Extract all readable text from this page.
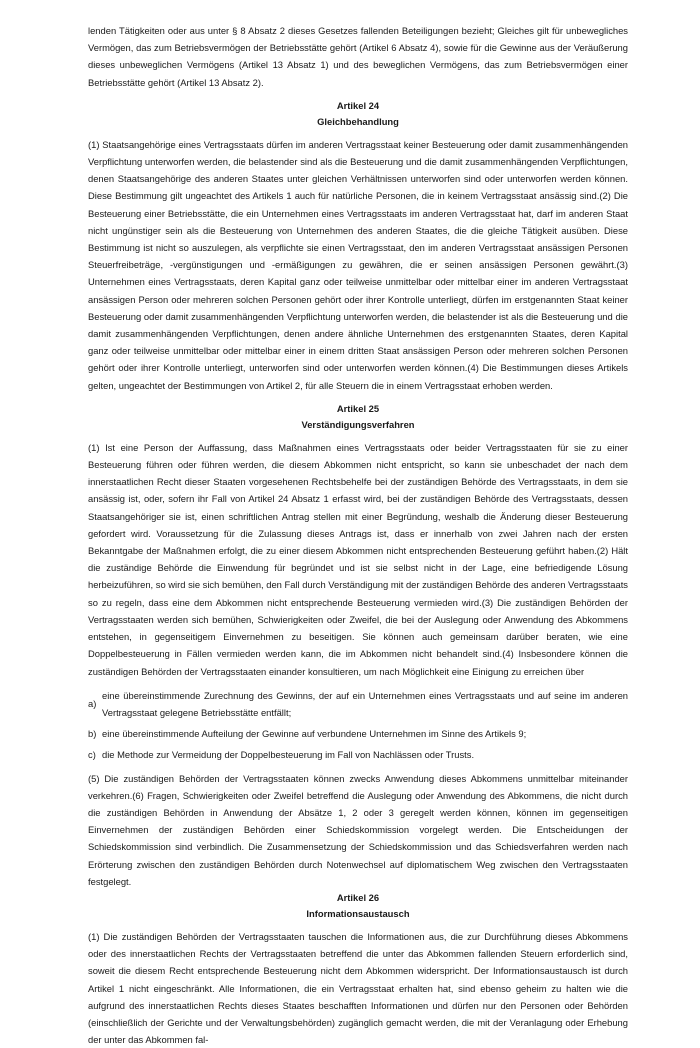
lenden Tätigkeiten oder aus unter § 8 Absatz 2 dieses Gesetzes fallenden Beteiligungen bezieht; Gleiches gilt für unbewegliches Vermögen, das zum Betriebsvermögen der Betriebsstätte gehört (Artikel 6 Absatz 4), sowie für die Gewinne aus der Veräußerung dieses unbeweglichen Vermögens (Artikel 13 Absatz 1) und des beweglichen Vermögens, das zum Betriebsvermögen einer Betriebsstätte gehört (Artikel 13 Absatz 2).

Artikel 24
Gleichbehandlung

(1) Staatsangehörige eines Vertragsstaats dürfen im anderen Vertragsstaat keiner Besteuerung oder damit zusammenhängenden Verpflichtung unterworfen werden, die belastender sind als die Besteuerung und die damit zusammenhängenden Verpflichtungen, denen Staatsangehörige des anderen Staates unter gleichen Verhältnissen unterworfen sind oder unterworfen werden können. Diese Bestimmung gilt ungeachtet des Artikels 1 auch für natürliche Personen, die in keinem Vertragsstaat ansässig sind.(2) Die Besteuerung einer Betriebsstätte, die ein Unternehmen eines Vertragsstaats im anderen Vertragsstaat hat, darf im anderen Staat nicht ungünstiger sein als die Besteuerung von Unternehmen des anderen Staates, die die gleiche Tätigkeit ausüben. Diese Bestimmung ist nicht so auszulegen, als verpflichte sie einen Vertragsstaat, den im anderen Vertragsstaat ansässigen Personen Steuerfreibeträge, -vergünstigungen und -ermäßigungen zu gewähren, die er seinen ansässigen Personen gewährt.(3) Unternehmen eines Vertragsstaats, deren Kapital ganz oder teilweise unmittelbar oder mittelbar einer im anderen Vertragsstaat ansässigen Person oder mehreren solchen Personen gehört oder ihrer Kontrolle unterliegt, dürfen im erstgenannten Staat keiner Besteuerung oder damit zusammenhängenden Verpflichtung unterworfen werden, die belastender ist als die Besteuerung und die damit zusammenhängenden Verpflichtungen, denen andere ähnliche Unternehmen des erstgenannten Staates, deren Kapital ganz oder teilweise unmittelbar oder mittelbar einer in einem dritten Staat ansässigen Person oder mehreren solchen Personen gehört oder ihrer Kontrolle unterliegt, unterworfen sind oder unterworfen werden können.(4) Die Bestimmungen dieses Artikels gelten, ungeachtet der Bestimmungen von Artikel 2, für alle Steuern die in einem Vertragsstaat erhoben werden.

Artikel 25
Verständigungsverfahren

(1) Ist eine Person der Auffassung, dass Maßnahmen eines Vertragsstaats oder beider Vertragsstaaten für sie zu einer Besteuerung führen oder führen werden, die diesem Abkommen nicht entspricht, so kann sie unbeschadet der nach dem innerstaatlichen Recht dieser Staaten vorgesehenen Rechtsbehelfe bei der zuständigen Behörde des Vertragsstaats, in dem sie ansässig ist, oder, sofern ihr Fall von Artikel 24 Absatz 1 erfasst wird, bei der zuständigen Behörde des Vertragsstaats, dessen Staatsangehöriger sie ist, einen schriftlichen Antrag stellen mit einer Begründung, weshalb die Änderung dieser Besteuerung gefordert wird. Voraussetzung für die Zulassung dieses Antrags ist, dass er innerhalb von zwei Jahren nach der ersten Bekanntgabe der Maßnahmen erfolgt, die zu einer diesem Abkommen nicht entsprechenden Besteuerung geführt haben.(2) Hält die zuständige Behörde die Einwendung für begründet und ist sie selbst nicht in der Lage, eine befriedigende Lösung herbeizuführen, so wird sie sich bemühen, den Fall durch Verständigung mit der zuständigen Behörde des anderen Vertragsstaats so zu regeln, dass eine dem Abkommen nicht entsprechende Besteuerung vermieden wird.(3) Die zuständigen Behörden der Vertragsstaaten werden sich bemühen, Schwierigkeiten oder Zweifel, die bei der Auslegung oder Anwendung des Abkommens entstehen, in gegenseitigem Einvernehmen zu beseitigen. Sie können auch gemeinsam darüber beraten, wie eine Doppelbesteuerung in Fällen vermieden werden kann, die im Abkommen nicht behandelt sind.(4) Insbesondere können die zuständigen Behörden der Vertragsstaaten einander konsultieren, um nach Möglichkeit eine Einigung zu erreichen über

a)
eine übereinstimmende Zurechnung des Gewinns, der auf ein Unternehmen eines Vertragsstaats und auf seine im anderen Vertragsstaat gelegene Betriebsstätte entfällt;
b) eine übereinstimmende Aufteilung der Gewinne auf verbundene Unternehmen im Sinne des Artikels 9;
c) die Methode zur Vermeidung der Doppelbesteuerung im Fall von Nachlässen oder Trusts.

(5) Die zuständigen Behörden der Vertragsstaaten können zwecks Anwendung dieses Abkommens unmittelbar miteinander verkehren.(6) Fragen, Schwierigkeiten oder Zweifel betreffend die Auslegung oder Anwendung des Abkommens, die nicht durch die zuständigen Behörden in Anwendung der Absätze 1, 2 oder 3 geregelt werden können, können im gegenseitigen Einvernehmen der zuständigen Behörden einer Schiedskommission vorgelegt werden. Die Entscheidungen der Schiedskommission sind verbindlich. Die Zusammensetzung der Schiedskommission und das Schiedsverfahren werden nach Erörterung zwischen den zuständigen Behörden durch Notenwechsel auf diplomatischem Weg zwischen den Vertragsstaaten festgelegt.

Artikel 26
Informationsaustausch

(1) Die zuständigen Behörden der Vertragsstaaten tauschen die Informationen aus, die zur Durchführung dieses Abkommens oder des innerstaatlichen Rechts der Vertragsstaaten betreffend die unter das Abkommen fallenden Steuern erforderlich sind, soweit die diesem Recht entsprechende Besteuerung nicht dem Abkommen widerspricht. Der Informationsaustausch ist durch Artikel 1 nicht eingeschränkt. Alle Informationen, die ein Vertragsstaat erhalten hat, sind ebenso geheim zu halten wie die aufgrund des innerstaatlichen Rechts dieses Staates beschafften Informationen und dürfen nur den Personen oder Behörden (einschließlich der Gerichte und der Verwaltungsbehörden) zugänglich gemacht werden, die mit der Veranlagung oder Erhebung der unter das Abkommen fal-
